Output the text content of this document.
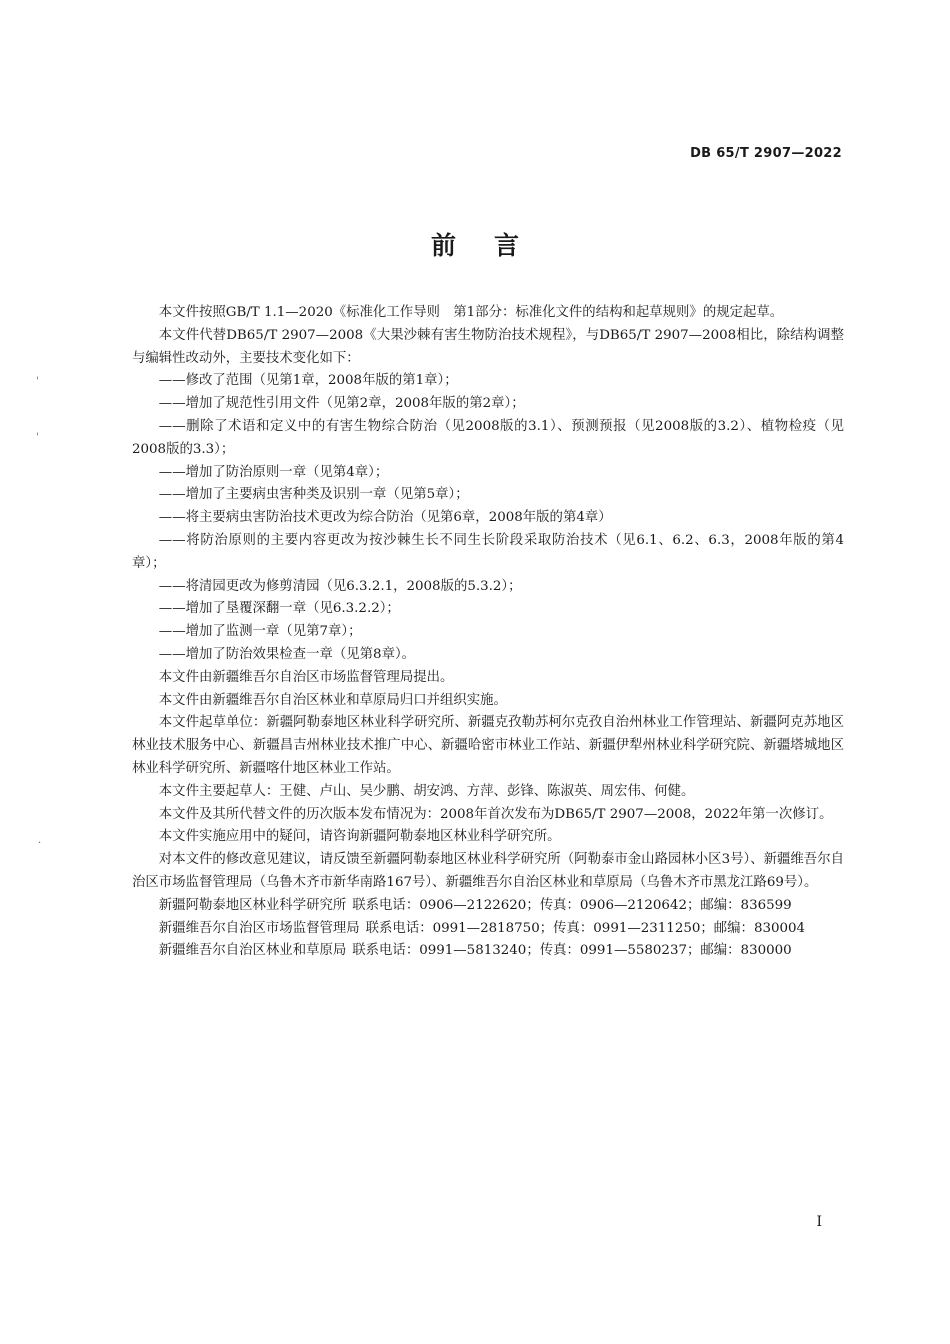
DB 65/T 2907—2022
前言

本文件按照GB/T 1.1—2020《标准化工作导则　第1部分：标准化文件的结构和起草规则》的规定起草。

本文件代替DB65/T 2907—2008《大果沙棘有害生物防治技术规程》，与DB65/T 2907—2008相比，除结构调整与编辑性改动外，主要技术变化如下：

——修改了范围（见第1章，2008年版的第1章）；

——增加了规范性引用文件（见第2章，2008年版的第2章）；

——删除了术语和定义中的有害生物综合防治（见2008版的3.1）、预测预报（见2008版的3.2）、植物检疫（见2008版的3.3）；

——增加了防治原则一章（见第4章）；

——增加了主要病虫害种类及识别一章（见第5章）；

——将主要病虫害防治技术更改为综合防治（见第6章，2008年版的第4章）

——将防治原则的主要内容更改为按沙棘生长不同生长阶段采取防治技术（见6.1、6.2、6.3，2008年版的第4章）；

——将清园更改为修剪清园（见6.3.2.1，2008版的5.3.2）；

——增加了垦覆深翻一章（见6.3.2.2）；

——增加了监测一章（见第7章）；

——增加了防治效果检查一章（见第8章）。

本文件由新疆维吾尔自治区市场监督管理局提出。

本文件由新疆维吾尔自治区林业和草原局归口并组织实施。

本文件起草单位：新疆阿勒泰地区林业科学研究所、新疆克孜勒苏柯尔克孜自治州林业工作管理站、新疆阿克苏地区林业技术服务中心、新疆昌吉州林业技术推广中心、新疆哈密市林业工作站、新疆伊犁州林业科学研究院、新疆塔城地区林业科学研究所、新疆喀什地区林业工作站。

本文件主要起草人：王健、卢山、吴少鹏、胡安鸿、方萍、彭锋、陈淑英、周宏伟、何健。

本文件及其所代替文件的历次版本发布情况为：2008年首次发布为DB65/T 2907—2008，2022年第一次修订。

本文件实施应用中的疑问，请咨询新疆阿勒泰地区林业科学研究所。

对本文件的修改意见建议，请反馈至新疆阿勒泰地区林业科学研究所（阿勒泰市金山路园林小区3号）、新疆维吾尔自治区市场监督管理局（乌鲁木齐市新华南路167号）、新疆维吾尔自治区林业和草原局（乌鲁木齐市黑龙江路69号）。

新疆阿勒泰地区林业科学研究所 联系电话：0906—2122620；传真：0906—2120642；邮编：836599
新疆维吾尔自治区市场监督管理局 联系电话：0991—2818750；传真：0991—2311250；邮编：830004
新疆维吾尔自治区林业和草原局 联系电话：0991—5813240；传真：0991—5580237；邮编：830000
I
'
'
·
